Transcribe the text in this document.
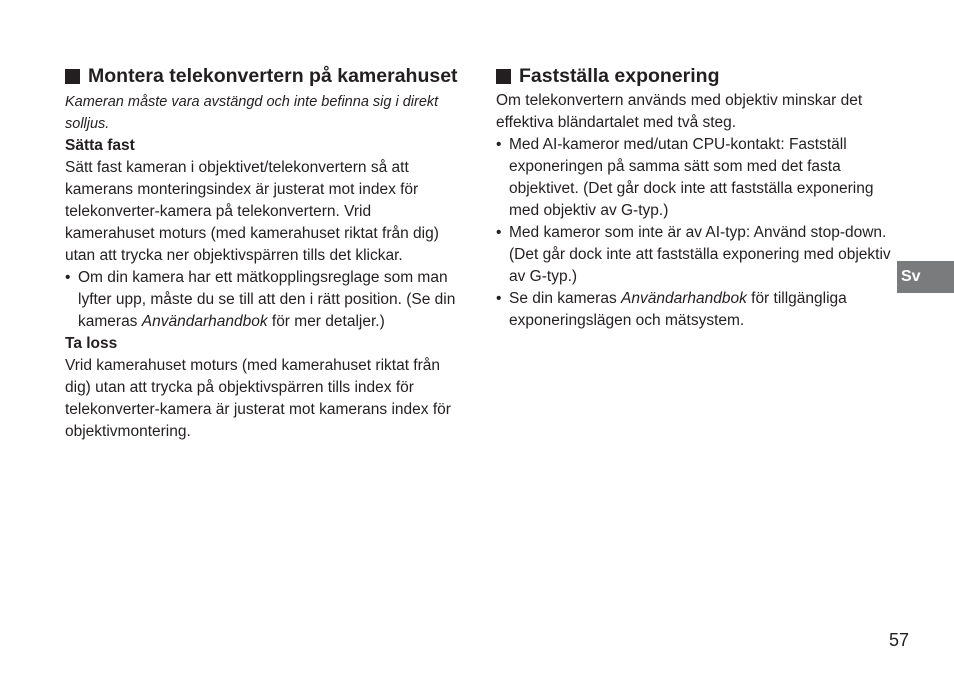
Montera telekonvertern på kamerahuset

Kameran måste vara avstängd och inte befinna sig i direkt solljus.

Sätta fast

Sätt fast kameran i objektivet/telekonvertern så att kamerans monteringsindex är justerat mot index för telekonverter-kamera på telekonvertern. Vrid kamerahuset moturs (med kamerahuset riktat från dig) utan att trycka ner objektivspärren tills det klickar.

• Om din kamera har ett mätkopplingsreglage som man lyfter upp, måste du se till att den i rätt position. (Se din kameras Användarhandbok för mer detaljer.)

Ta loss

Vrid kamerahuset moturs (med kamerahuset riktat från dig) utan att trycka på objektivspärren tills index för telekonverter-kamera är justerat mot kamerans index för objektivmontering.

Fastställa exponering

Om telekonvertern används med objektiv minskar det effektiva bländartalet med två steg.

• Med AI-kameror med/utan CPU-kontakt: Fastställ exponeringen på samma sätt som med det fasta objektivet. (Det går dock inte att fastställa exponering med objektiv av G-typ.)
• Med kameror som inte är av AI-typ: Använd stop-down. (Det går dock inte att fastställa exponering med objektiv av G-typ.)
• Se din kameras Användarhandbok för tillgängliga exponeringslägen och mätsystem.
Sv
57
